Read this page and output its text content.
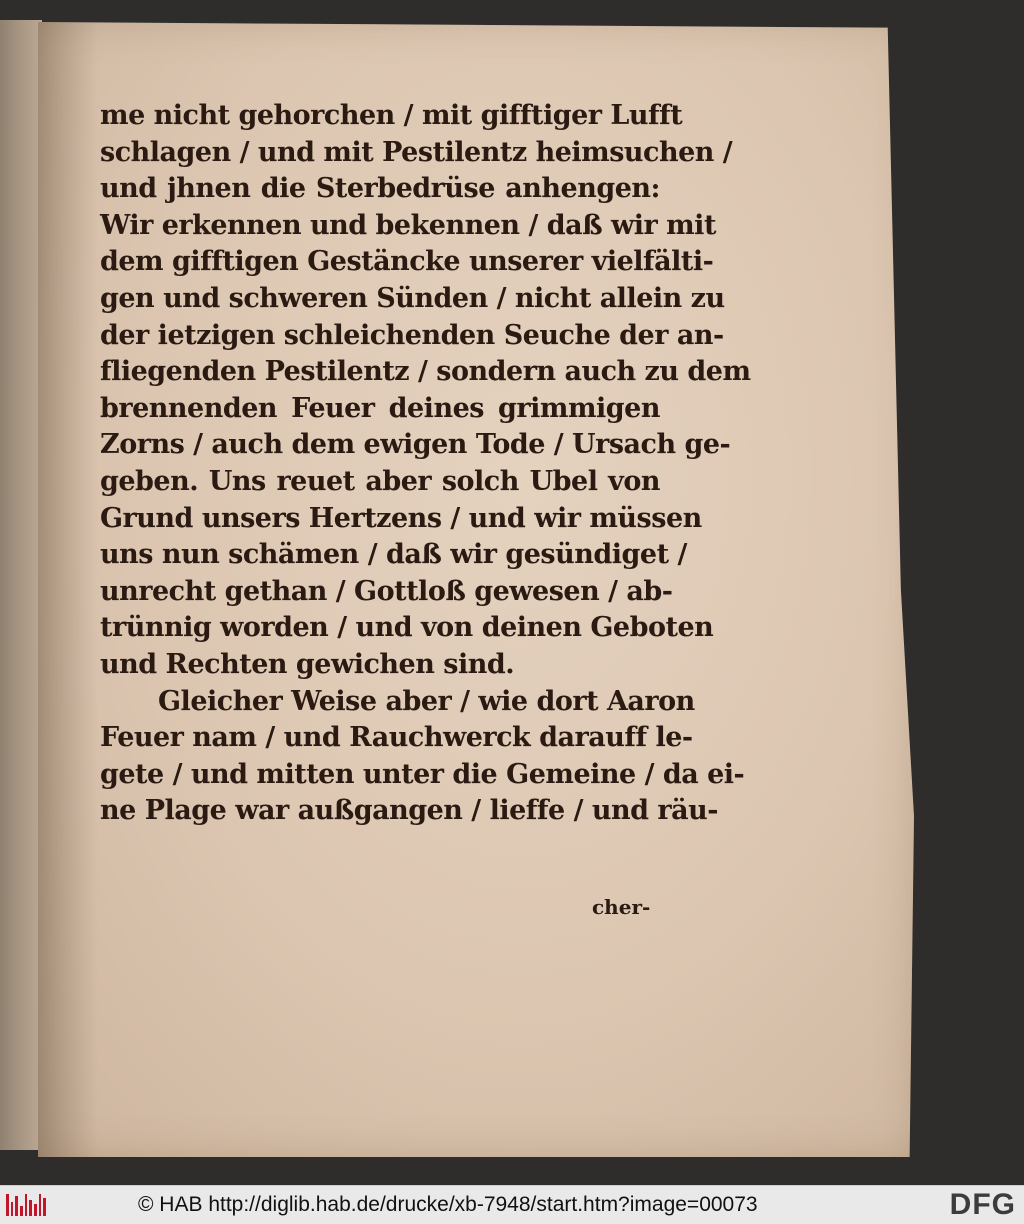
me nicht gehorchen / mit gifftiger Lufft
schlagen / und mit Pestilentz heimsuchen /
und jhnen die Sterbedrüse anhengen:
Wir erkennen und bekennen / daß wir mit
dem gifftigen Gestäncke unserer vielfälti-
gen und schweren Sünden / nicht allein zu
der ietzigen schleichenden Seuche der an-
fliegenden Pestilentz / sondern auch zu dem
brennenden Feuer deines grimmigen
Zorns / auch dem ewigen Tode / Ursach ge-
geben. Uns reuet aber solch Ubel von
Grund unsers Hertzens / und wir müssen
uns nun schämen / daß wir gesündiget /
unrecht gethan / Gottloß gewesen / ab-
trünnig worden / und von deinen Geboten
und Rechten gewichen sind.
Gleicher Weise aber / wie dort Aaron
Feuer nam / und Rauchwerck darauff le-
gete / und mitten unter die Gemeine / da ei-
ne Plage war außgangen / lieffe / und räu-
cher-
© HAB http://diglib.hab.de/drucke/xb-7948/start.htm?image=00073	DFG
